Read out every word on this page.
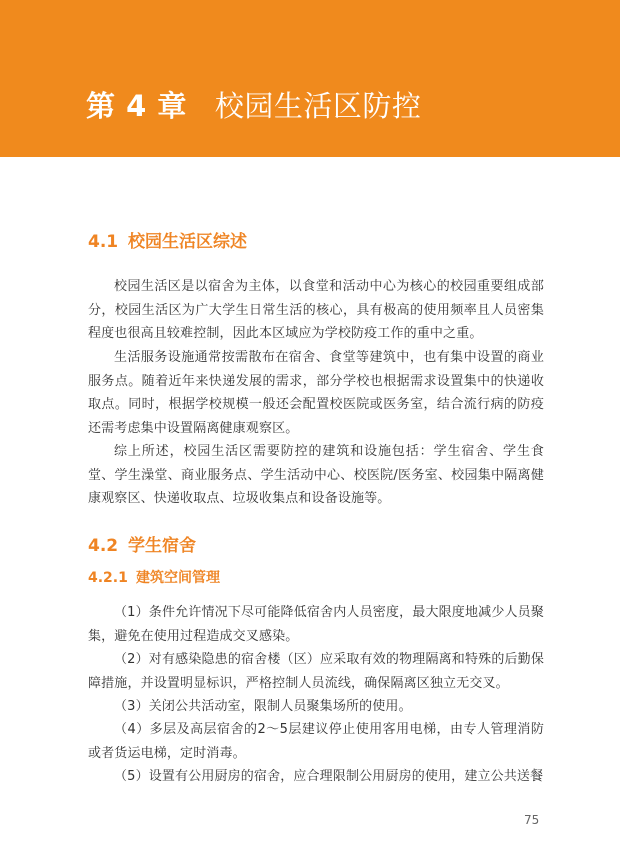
第 4 章 校园生活区防控
4.1 校园生活区综述

校园生活区是以宿舍为主体，以食堂和活动中心为核心的校园重要组成部分，校园生活区为广大学生日常生活的核心，具有极高的使用频率且人员密集程度也很高且较难控制，因此本区域应为学校防疫工作的重中之重。

生活服务设施通常按需散布在宿舍、食堂等建筑中，也有集中设置的商业服务点。随着近年来快递发展的需求，部分学校也根据需求设置集中的快递收取点。同时，根据学校规模一般还会配置校医院或医务室，结合流行病的防疫还需考虑集中设置隔离健康观察区。

综上所述，校园生活区需要防控的建筑和设施包括：学生宿舍、学生食堂、学生澡堂、商业服务点、学生活动中心、校医院/医务室、校园集中隔离健康观察区、快递收取点、垃圾收集点和设备设施等。

4.2 学生宿舍
4.2.1 建筑空间管理

（1）条件允许情况下尽可能降低宿舍内人员密度，最大限度地减少人员聚集，避免在使用过程造成交叉感染。

（2）对有感染隐患的宿舍楼（区）应采取有效的物理隔离和特殊的后勤保障措施，并设置明显标识，严格控制人员流线，确保隔离区独立无交叉。

（3）关闭公共活动室，限制人员聚集场所的使用。

（4）多层及高层宿舍的2～5层建议停止使用客用电梯，由专人管理消防或者货运电梯，定时消毒。

（5）设置有公用厨房的宿舍，应合理限制公用厨房的使用，建立公共送餐

75
